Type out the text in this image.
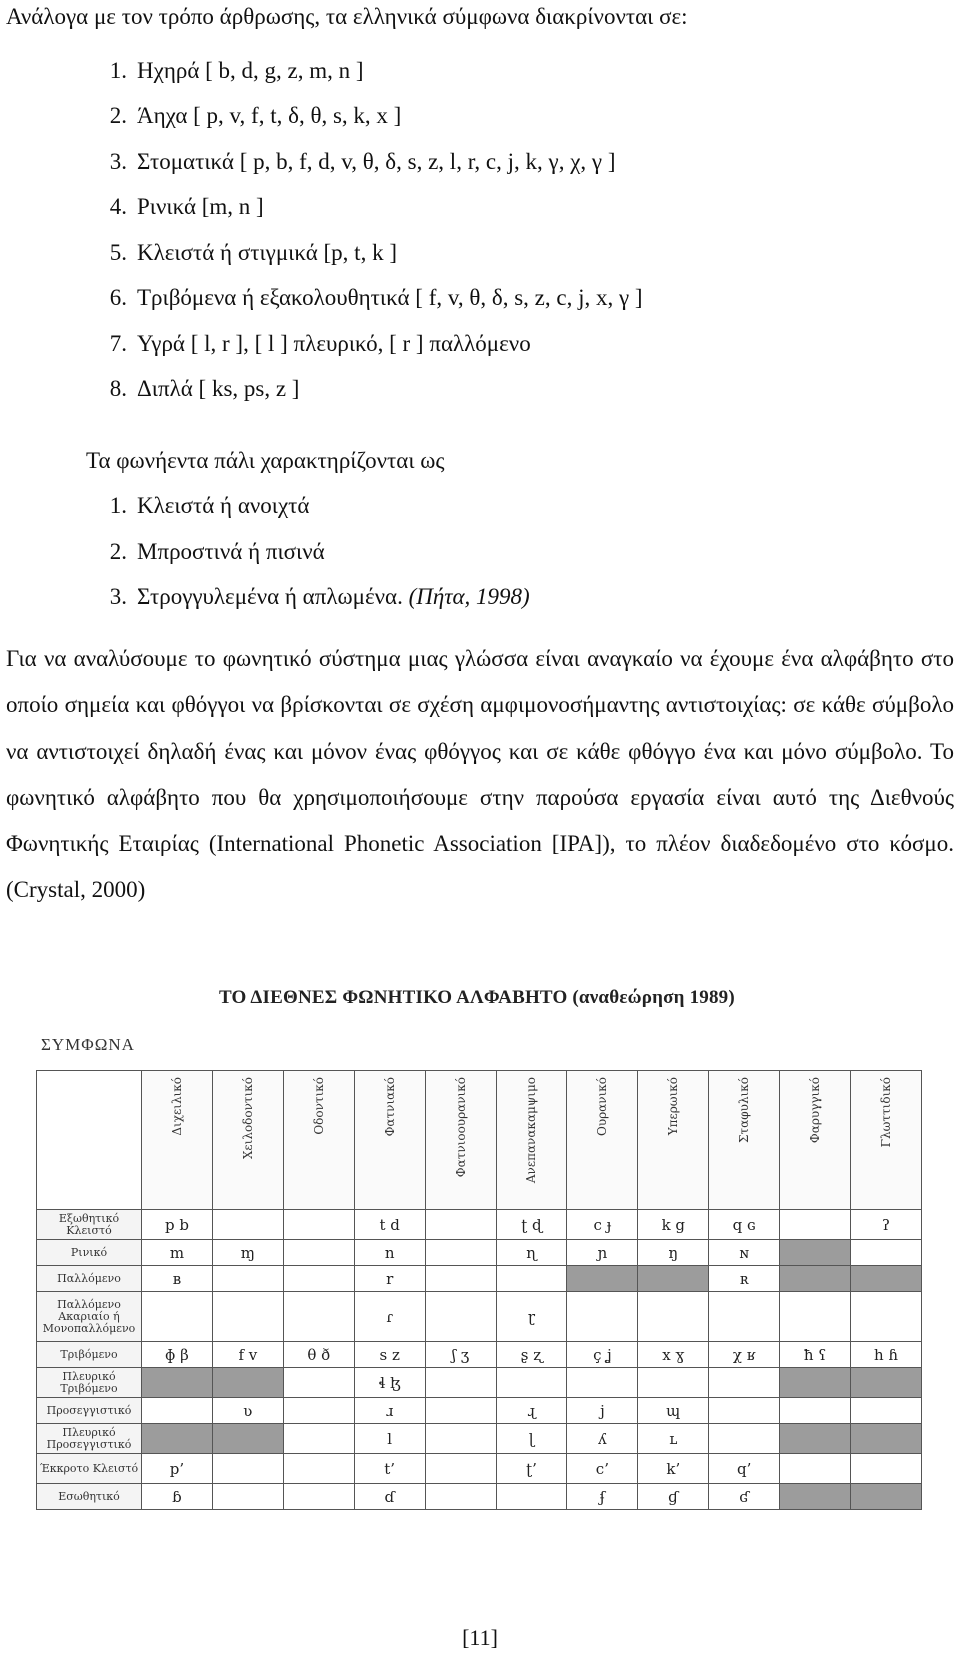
Ανάλογα με τον τρόπο άρθρωσης, τα ελληνικά σύμφωνα διακρίνονται σε:

1. Ηχηρά [ b, d, g, z, m, n ]
2. Άηχα [ p, v, f, t, δ, θ, s, k, x ]
3. Στοματικά [ p, b, f, d, v, θ, δ, s, z, l, r, c, j, k, γ, χ, γ ]
4. Ρινικά [m, n ]
5. Κλειστά ή στιγμικά [p, t, k ]
6. Τριβόμενα ή εξακολουθητικά [ f, v, θ, δ, s, z, c, j, x, γ ]
7. Υγρά [ l, r ], [ l ] πλευρικό, [ r ] παλλόμενο
8. Διπλά [ ks, ps, z ]

Τα φωνήεντα πάλι χαρακτηρίζονται ως

1. Κλειστά ή ανοιχτά
2. Μπροστινά ή πισινά
3. Στρογγυλεμένα ή απλωμένα. (Πήτα, 1998)

Για να αναλύσουμε το φωνητικό σύστημα μιας γλώσσα είναι αναγκαίο να έχουμε ένα αλφάβητο στο οποίο σημεία και φθόγγοι να βρίσκονται σε σχέση αμφιμονοσήμαντης αντιστοιχίας: σε κάθε σύμβολο να αντιστοιχεί δηλαδή ένας και μόνον ένας φθόγγος και σε κάθε φθόγγο ένα και μόνο σύμβολο. Το φωνητικό αλφάβητο που θα χρησιμοποιήσουμε στην παρούσα εργασία είναι αυτό της Διεθνούς Φωνητικής Εταιρίας (International Phonetic Association [IPA]), το πλέον διαδεδομένο στο κόσμο. (Crystal, 2000)

ΤΟ ΔΙΕΘΝΕΣ ΦΩΝΗΤΙΚΟ ΑΛΦΑΒΗΤΟ (αναθεώρηση 1989)
ΣΥΜΦΩΝΑ
	Διχειλικό	Χειλοδοντικό	Οδοντικό	Φατνιακό	Φατνιοουρανικό	Ανεπανακαμψιμο	Ουρανικό	Υπερωικό	Σταφυλικό	Φαρυγγικό	Γλωττιδικό
Εξωθητικό Κλειστό	p b			t d		ʈ ɖ	c ɟ	k g	q ɢ		ʔ
Ρινικό	m	ɱ		n		ɳ	ɲ	ŋ	ɴ		
Παλλόμενο	ʙ			r					ʀ		
Παλλόμενο Ακαριαίο ή Μονοπαλλόμενο				ɾ		ɽ					
Τριβόμενο	ɸ β	f v	θ ð	s z	ʃ ʒ	ʂ ʐ	ç ʝ	x ɣ	χ ʁ	ħ ʕ	h ɦ
Πλευρικό Τριβόμενο				ɬ ɮ							
Προσεγγιστικό		ʋ		ɹ		ɻ	j	ɰ			
Πλευρικό Προσεγγιστικό				l		ɭ	ʎ	ʟ			
Έκκροτο Κλειστό	p’			t’		ʈ’	c’	k’	q’		
Εσωθητικό	ɓ			ɗ			ʄ	ɠ	ʛ		
[11]
